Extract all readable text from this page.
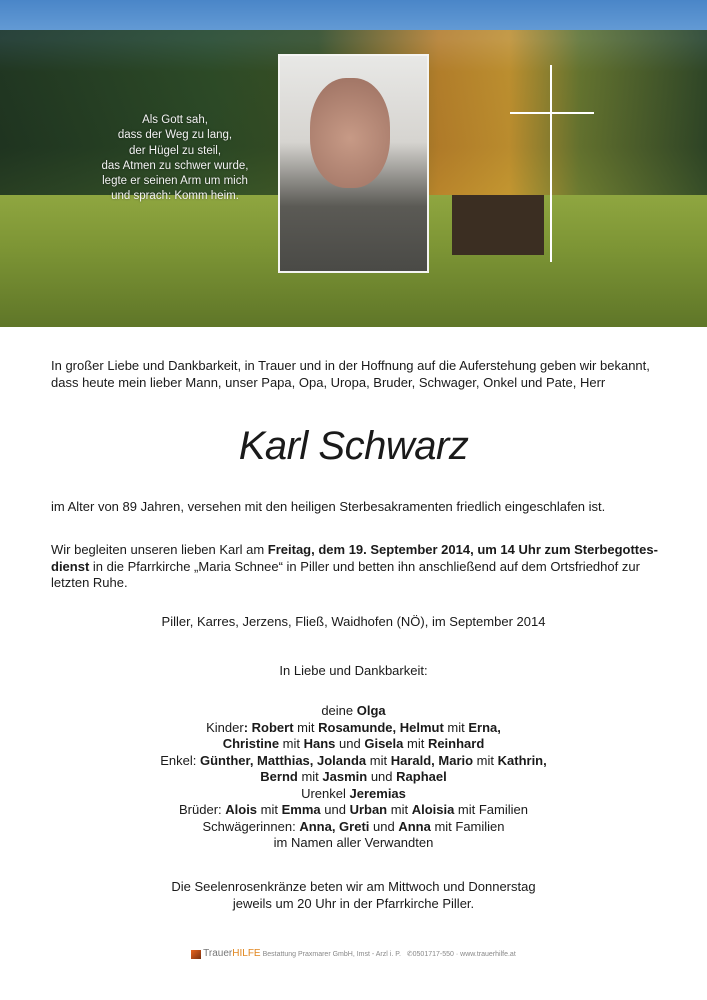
Als Gott sah,
dass der Weg zu lang,
der Hügel zu steil,
das Atmen zu schwer wurde,
legte er seinen Arm um mich
und sprach: Komm heim.
In großer Liebe und Dankbarkeit, in Trauer und in der Hoffnung auf die Auferstehung geben wir bekannt,
dass heute mein lieber Mann, unser Papa, Opa, Uropa, Bruder, Schwager, Onkel und Pate, Herr
Karl Schwarz
im Alter von 89 Jahren, versehen mit den heiligen Sterbesakramenten friedlich eingeschlafen ist.
Wir begleiten unseren lieben Karl am Freitag, dem 19. September 2014, um 14 Uhr zum Sterbegottes-dienst in die Pfarrkirche „Maria Schnee“ in Piller und betten ihn anschließend auf dem Ortsfriedhof zur letzten Ruhe.
Piller, Karres, Jerzens, Fließ, Waidhofen (NÖ), im September 2014
In Liebe und Dankbarkeit:
deine Olga
Kinder: Robert mit Rosamunde, Helmut mit Erna,
Christine mit Hans und Gisela mit Reinhard
Enkel: Günther, Matthias, Jolanda mit Harald, Mario mit Kathrin,
Bernd mit Jasmin und Raphael
Urenkel Jeremias
Brüder: Alois mit Emma und Urban mit Aloisia mit Familien
Schwägerinnen: Anna, Greti und Anna mit Familien
im Namen aller Verwandten
Die Seelenrosenkränze beten wir am Mittwoch und Donnerstag
jeweils um 20 Uhr in der Pfarrkirche Piller.
TrauerHILFE Bestattung Praxmarer GmbH, Imst - Arzl i. P. ✆0501717-550 · www.trauerhilfe.at
